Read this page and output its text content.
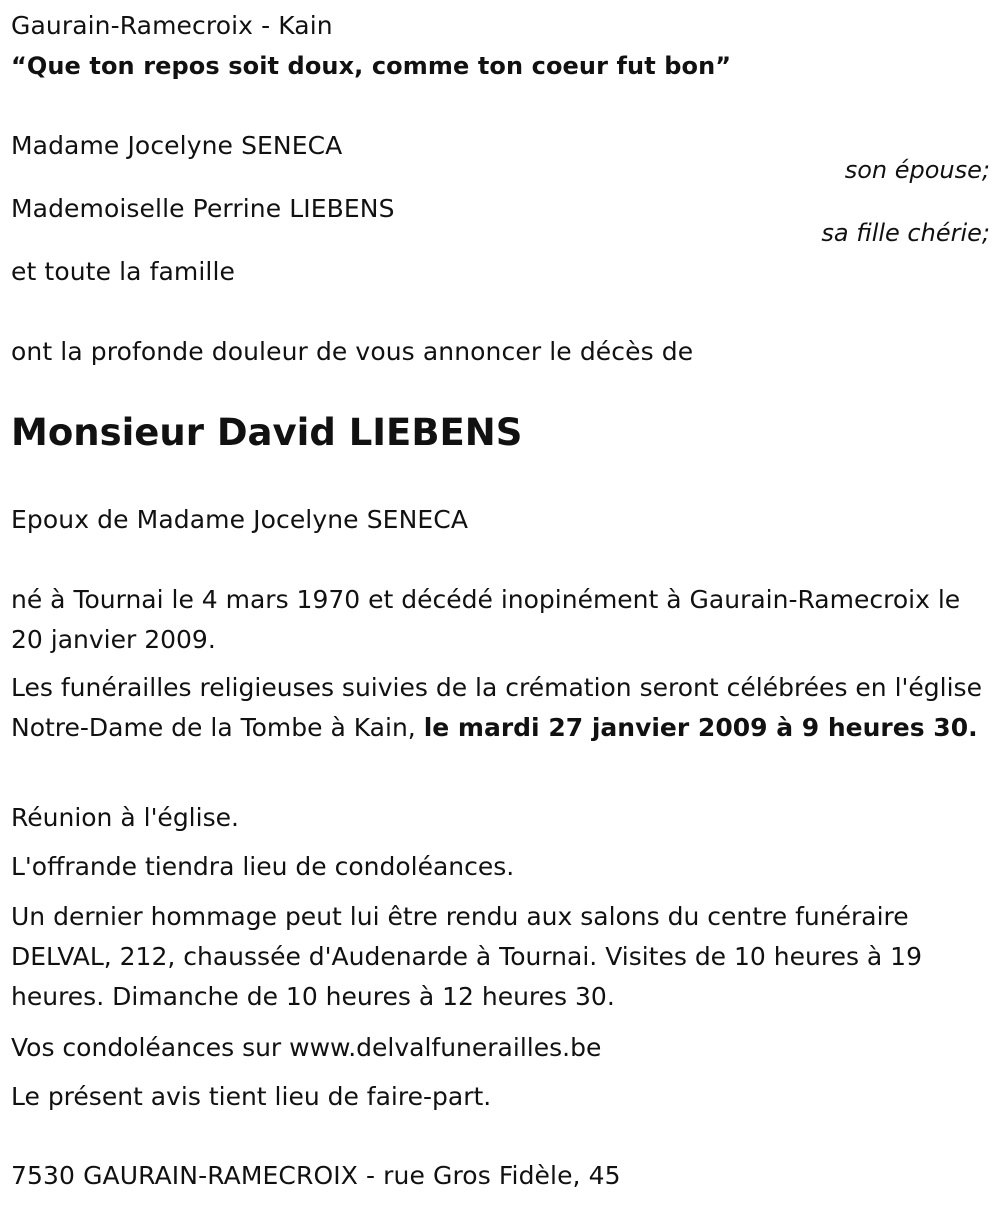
Gaurain-Ramecroix - Kain
“Que ton repos soit doux, comme ton coeur fut bon”
Madame Jocelyne SENECA
son épouse;
Mademoiselle Perrine LIEBENS
sa fille chérie;
et toute la famille
ont la profonde douleur de vous annoncer le décès de
Monsieur David LIEBENS
Epoux de Madame Jocelyne SENECA
né à Tournai le 4 mars 1970 et décédé inopinément à Gaurain-Ramecroix le 20 janvier 2009.
Les funérailles religieuses suivies de la crémation seront célébrées en l'église Notre-Dame de la Tombe à Kain, le mardi 27 janvier 2009 à 9 heures 30.
Réunion à l'église.
L'offrande tiendra lieu de condoléances.
Un dernier hommage peut lui être rendu aux salons du centre funéraire DELVAL, 212, chaussée d'Audenarde à Tournai. Visites de 10 heures à 19 heures. Dimanche de 10 heures à 12 heures 30.
Vos condoléances sur www.delvalfunerailles.be
Le présent avis tient lieu de faire-part.
7530 GAURAIN-RAMECROIX - rue Gros Fidèle, 45
